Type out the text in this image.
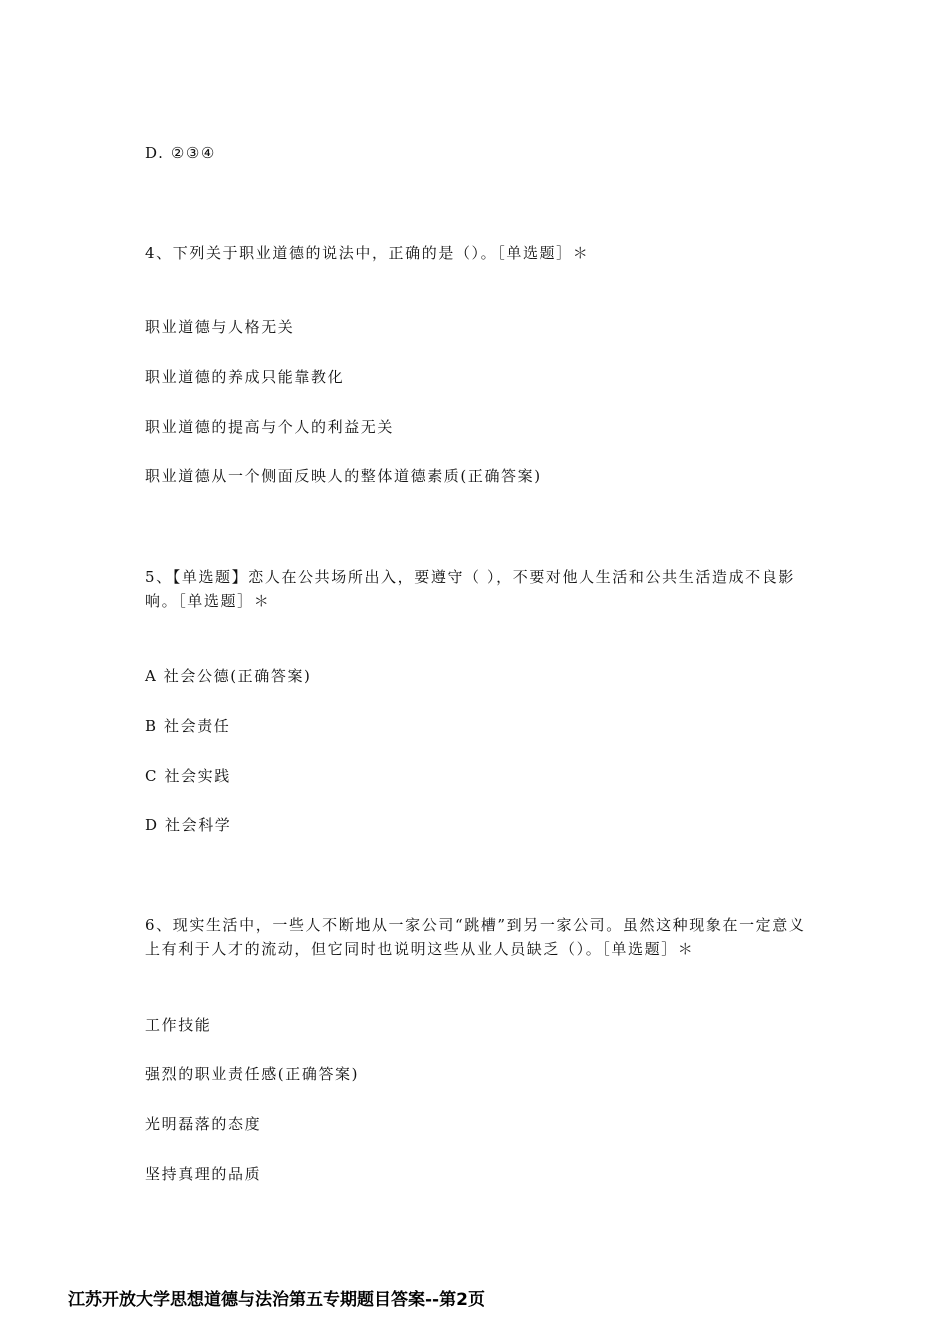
D. ②③④
4、下列关于职业道德的说法中，正确的是（）。［单选题］＊
职业道德与人格无关
职业道德的养成只能靠教化
职业道德的提高与个人的利益无关
职业道德从一个侧面反映人的整体道德素质(正确答案)
5、【单选题】恋人在公共场所出入，要遵守（ ），不要对他人生活和公共生活造成不良影响。［单选题］＊
A 社会公德(正确答案)
B 社会责任
C 社会实践
D 社会科学
6、现实生活中，一些人不断地从一家公司“跳槽”到另一家公司。虽然这种现象在一定意义上有利于人才的流动，但它同时也说明这些从业人员缺乏（）。［单选题］＊
工作技能
强烈的职业责任感(正确答案)
光明磊落的态度
坚持真理的品质
江苏开放大学思想道德与法治第五专期题目答案--第2页
